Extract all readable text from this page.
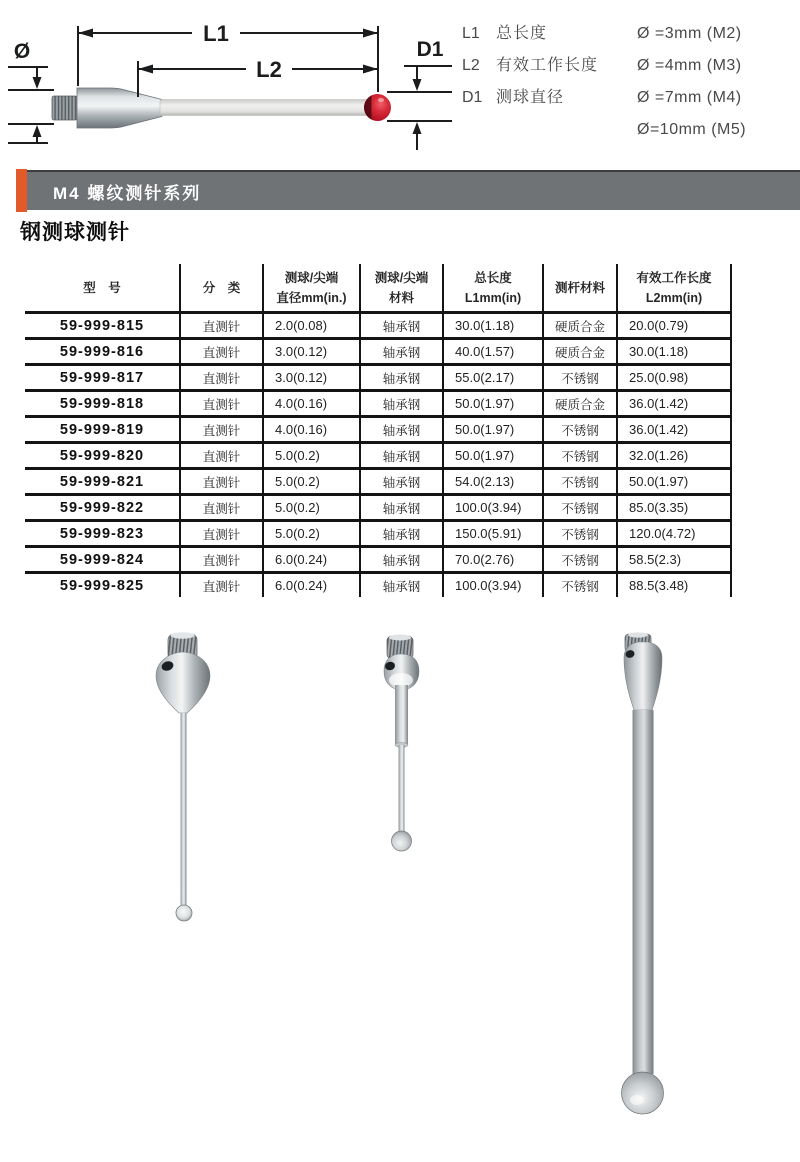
Ø
L1
L2
D1
L1	总长度
L2	有效工作长度
D1 测球直径
Ø =3mm (M2)
Ø =4mm (M3)
Ø =7mm (M4)
Ø=10mm (M5)
M4 螺纹测针系列
钢测球测针
型　号	分　类

测球/尖端
直径mm(in.)

测球/尖端
材料

总长度
L1mm(in)

测杆材料

有效工作长度
L2mm(in)

59-999-815	直测针	2.0(0.08)	轴承钢	30.0(1.18)	硬质合金	20.0(0.79)
59-999-816	直测针	3.0(0.12)	轴承钢	40.0(1.57)	硬质合金	30.0(1.18)
59-999-817	直测针	3.0(0.12)	轴承钢	55.0(2.17)	不锈钢	25.0(0.98)
59-999-818	直测针	4.0(0.16)	轴承钢	50.0(1.97)	硬质合金	36.0(1.42)
59-999-819	直测针	4.0(0.16)	轴承钢	50.0(1.97)	不锈钢	36.0(1.42)
59-999-820	直测针	5.0(0.2)	轴承钢	50.0(1.97)	不锈钢	32.0(1.26)
59-999-821	直测针	5.0(0.2)	轴承钢	54.0(2.13)	不锈钢	50.0(1.97)
59-999-822	直测针	5.0(0.2)	轴承钢	100.0(3.94)	不锈钢	85.0(3.35)
59-999-823	直测针	5.0(0.2)	轴承钢	150.0(5.91)	不锈钢	120.0(4.72)
59-999-824	直测针	6.0(0.24)	轴承钢	70.0(2.76)	不锈钢	58.5(2.3)
59-999-825	直测针	6.0(0.24)	轴承钢	100.0(3.94)	不锈钢	88.5(3.48)
